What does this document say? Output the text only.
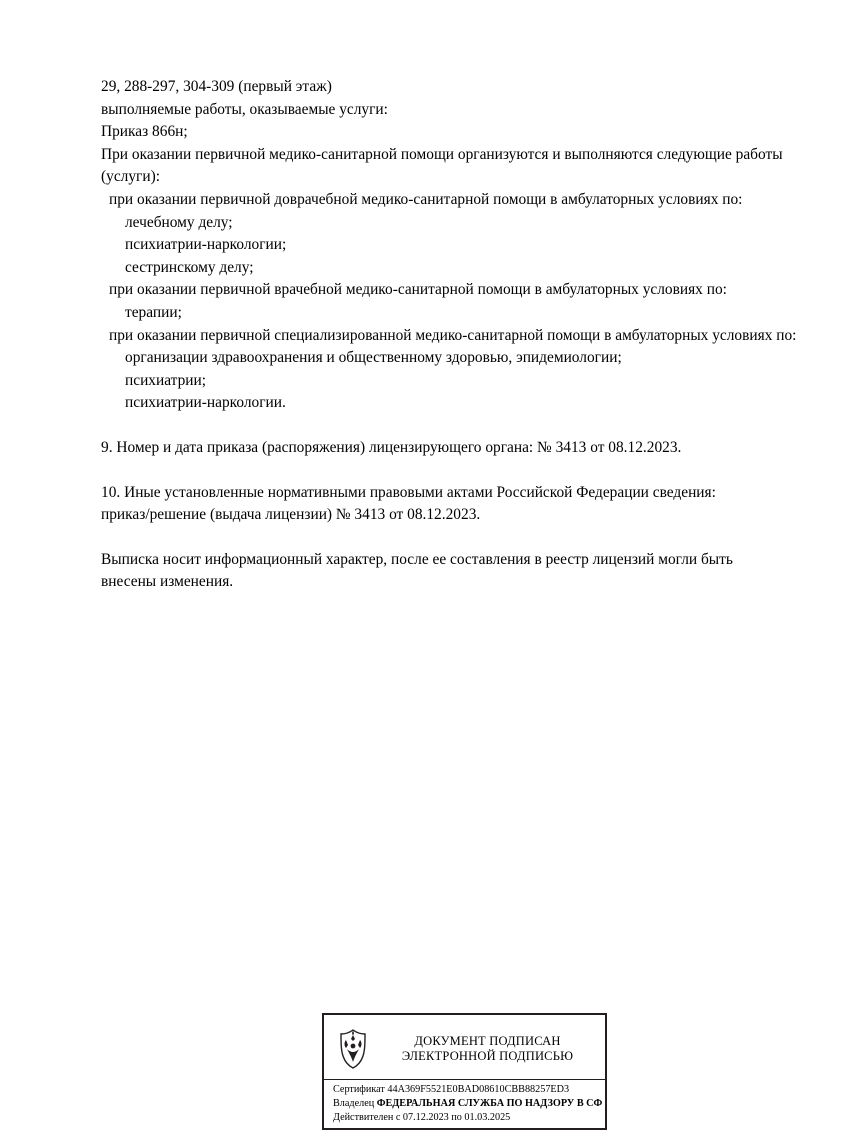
29, 288-297, 304-309 (первый этаж)
выполняемые работы, оказываемые услуги:
Приказ 866н;
При оказании первичной медико-санитарной помощи организуются и выполняются следующие работы (услуги):
при оказании первичной доврачебной медико-санитарной помощи в амбулаторных условиях по:
лечебному делу;
психиатрии-наркологии;
сестринскому делу;
при оказании первичной врачебной медико-санитарной помощи в амбулаторных условиях по:
терапии;
при оказании первичной специализированной медико-санитарной помощи в амбулаторных условиях по:
организации здравоохранения и общественному здоровью, эпидемиологии;
психиатрии;
психиатрии-наркологии.
9. Номер и дата приказа (распоряжения) лицензирующего органа: № 3413 от 08.12.2023.
10. Иные установленные нормативными правовыми актами Российской Федерации сведения:
приказ/решение (выдача лицензии) № 3413 от 08.12.2023.
Выписка носит информационный характер, после ее составления в реестр лицензий могли быть
внесены изменения.
ДОКУМЕНТ ПОДПИСАН
ЭЛЕКТРОННОЙ ПОДПИСЬЮ
Сертификат 44A369F5521E0BAD08610CBB88257ED3
Владелец ФЕДЕРАЛЬНАЯ СЛУЖБА ПО НАДЗОРУ В СФ
Действителен с 07.12.2023 по 01.03.2025
